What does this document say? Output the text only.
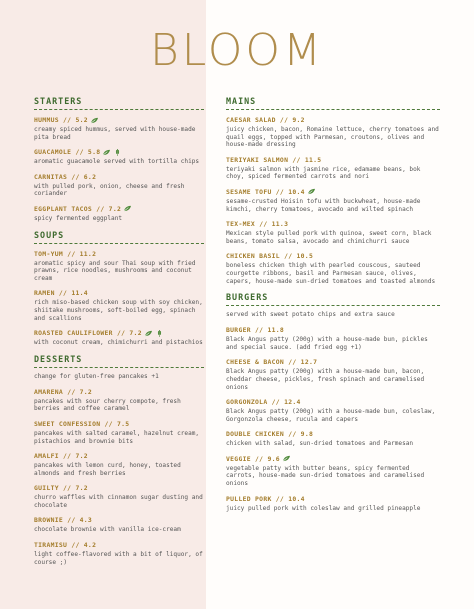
BLOOM
STARTERS
HUMMUS // 5.2
creamy spiced hummus, served with house-made pita bread
GUACAMOLE // 5.8
aromatic guacamole served with tortilla chips
CARNITAS // 6.2
with pulled pork, onion, cheese and fresh coriander
EGGPLANT TACOS // 7.2
spicy fermented eggplant
SOUPS
TOM-YUM // 11.2
aromatic spicy and sour Thai soup with fried prawns, rice noodles, mushrooms and coconut cream
RAMEN // 11.4
rich miso-based chicken soup with soy chicken, shiitake mushrooms, soft-boiled egg, spinach and scallions
ROASTED CAULIFLOWER // 7.2
with coconut cream, chimichurri and pistachios
DESSERTS
change for gluten-free pancakes +1
AMARENA // 7.2
pancakes with sour cherry compote, fresh berries and coffee caramel
SWEET CONFESSION // 7.5
pancakes with salted caramel, hazelnut cream, pistachios and brownie bits
AMALFI // 7.2
pancakes with lemon curd, honey, toasted almonds and fresh berries
GUILTY // 7.2
churro waffles with cinnamon sugar dusting and chocolate
BROWNIE // 4.3
chocolate brownie with vanilla ice-cream
TIRAMISU // 4.2
light coffee-flavored with a bit of liquor, of course ;)
MAINS
CAESAR SALAD // 9.2
juicy chicken, bacon, Romaine lettuce, cherry tomatoes and quail eggs, topped with Parmesan, croutons, olives and house-made dressing
TERIYAKI SALMON // 11.5
teriyaki salmon with jasmine rice, edamame beans, bok choy, spiced fermented carrots and nori
SESAME TOFU // 10.4
sesame-crusted Hoisin tofu with buckwheat, house-made kimchi, cherry tomatoes, avocado and wilted spinach
TEX-MEX // 11.3
Mexican style pulled pork with quinoa, sweet corn, black beans, tomato salsa, avocado and chimichurri sauce
CHICKEN BASIL // 10.5
boneless chicken thigh with pearled couscous, sauteed courgette ribbons, basil and Parmesan sauce, olives, capers, house-made sun-dried tomatoes and toasted almonds
BURGERS
served with sweet potato chips and extra sauce
BURGER // 11.8
Black Angus patty (200g) with a house-made bun, pickles and special sauce. (add fried egg +1)
CHEESE & BACON // 12.7
Black Angus patty (200g) with a house-made bun, bacon, cheddar cheese, pickles, fresh spinach and caramelised onions
GORGONZOLA // 12.4
Black Angus patty (200g) with a house-made bun, coleslaw, Gorgonzola cheese, rucula and capers
DOUBLE CHICKEN // 9.8
chicken with salad, sun-dried tomatoes and Parmesan
VEGGIE // 9.6
vegetable patty with butter beans, spicy fermented carrots, house-made sun-dried tomatoes and caramelised onions
PULLED PORK // 10.4
juicy pulled pork with coleslaw and grilled pineapple
